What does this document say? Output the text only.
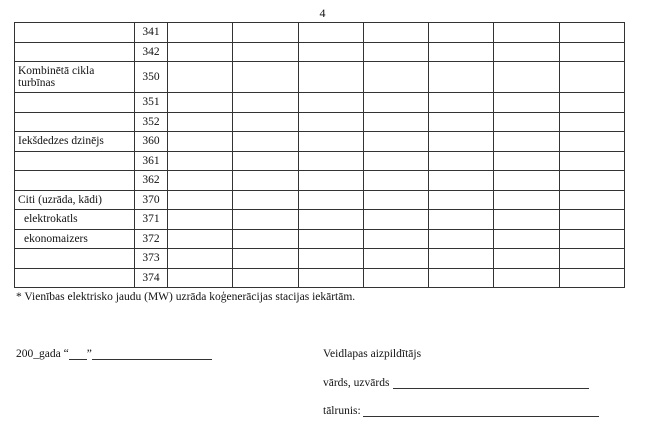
4
	341							
	342							
Kombinētā cikla turbīnas	350							
	351							
	352							
Iekšdedzes dzinējs	360							
	361							
	362							
Citi (uzrāda, kādi)	370							
elektrokatls	371							
ekonomaizers	372							
	373							
	374							
* Vienības elektrisko jaudu (MW) uzrāda koģenerācijas stacijas iekārtām.
200_gada “ ”	Veidlapas aizpildītājs
vārds, uzvārds
tālrunis:
